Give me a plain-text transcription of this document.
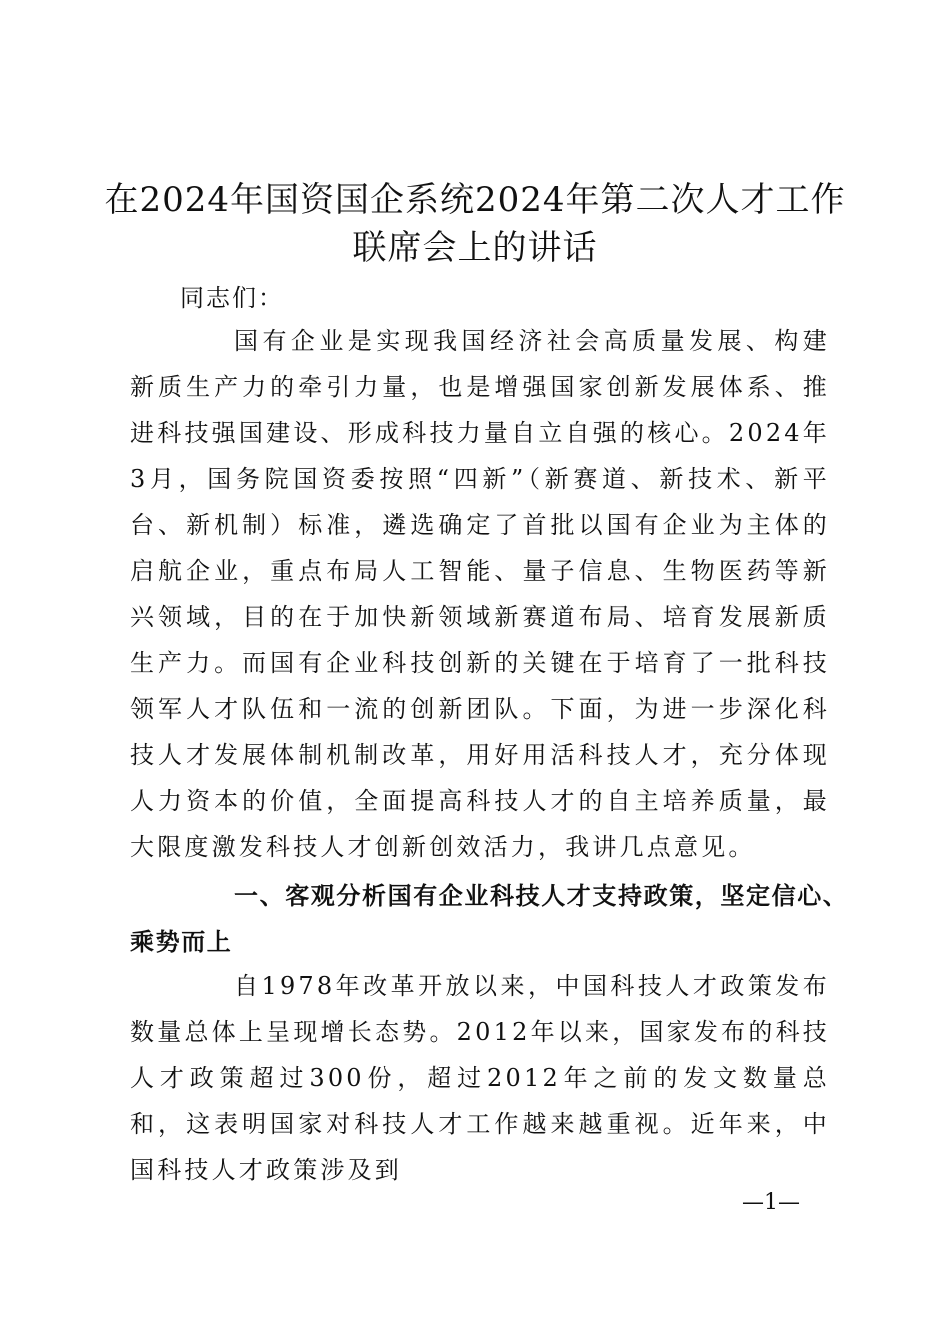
在2024年国资国企系统2024年第二次人才工作联席会上的讲话
同志们：
国有企业是实现我国经济社会高质量发展、构建新质生产力的牵引力量，也是增强国家创新发展体系、推进科技强国建设、形成科技力量自立自强的核心。2024年3月，国务院国资委按照“四新”（新赛道、新技术、新平台、新机制）标准，遴选确定了首批以国有企业为主体的启航企业，重点布局人工智能、量子信息、生物医药等新兴领域，目的在于加快新领域新赛道布局、培育发展新质生产力。而国有企业科技创新的关键在于培育了一批科技领军人才队伍和一流的创新团队。下面，为进一步深化科技人才发展体制机制改革，用好用活科技人才，充分体现人力资本的价值，全面提高科技人才的自主培养质量，最大限度激发科技人才创新创效活力，我讲几点意见。
一、客观分析国有企业科技人才支持政策，坚定信心、乘势而上
自1978年改革开放以来，中国科技人才政策发布数量总体上呈现增长态势。2012年以来，国家发布的科技人才政策超过300份，超过2012年之前的发文数量总和，这表明国家对科技人才工作越来越重视。近年来，中国科技人才政策涉及到
—1—
